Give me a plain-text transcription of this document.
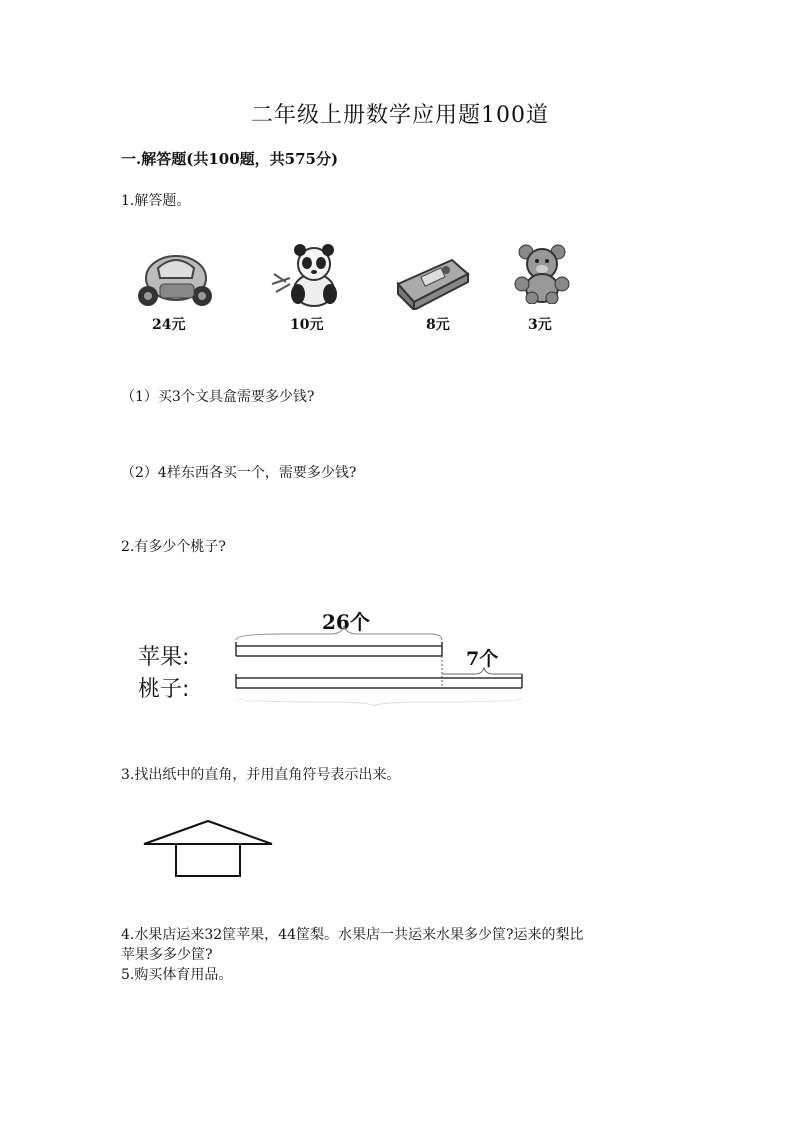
二年级上册数学应用题100道
一.解答题(共100题，共575分)
1.解答题。
24元	10元	8元	3元
（1）买3个文具盒需要多少钱?
（2）4样东西各买一个，需要多少钱?
2.有多少个桃子?
26个
7个
苹果:
桃子:
3.找出纸中的直角，并用直角符号表示出来。
4.水果店运来32筐苹果，44筐梨。水果店一共运来水果多少筐?运来的梨比
苹果多多少筐?
5.购买体育用品。
